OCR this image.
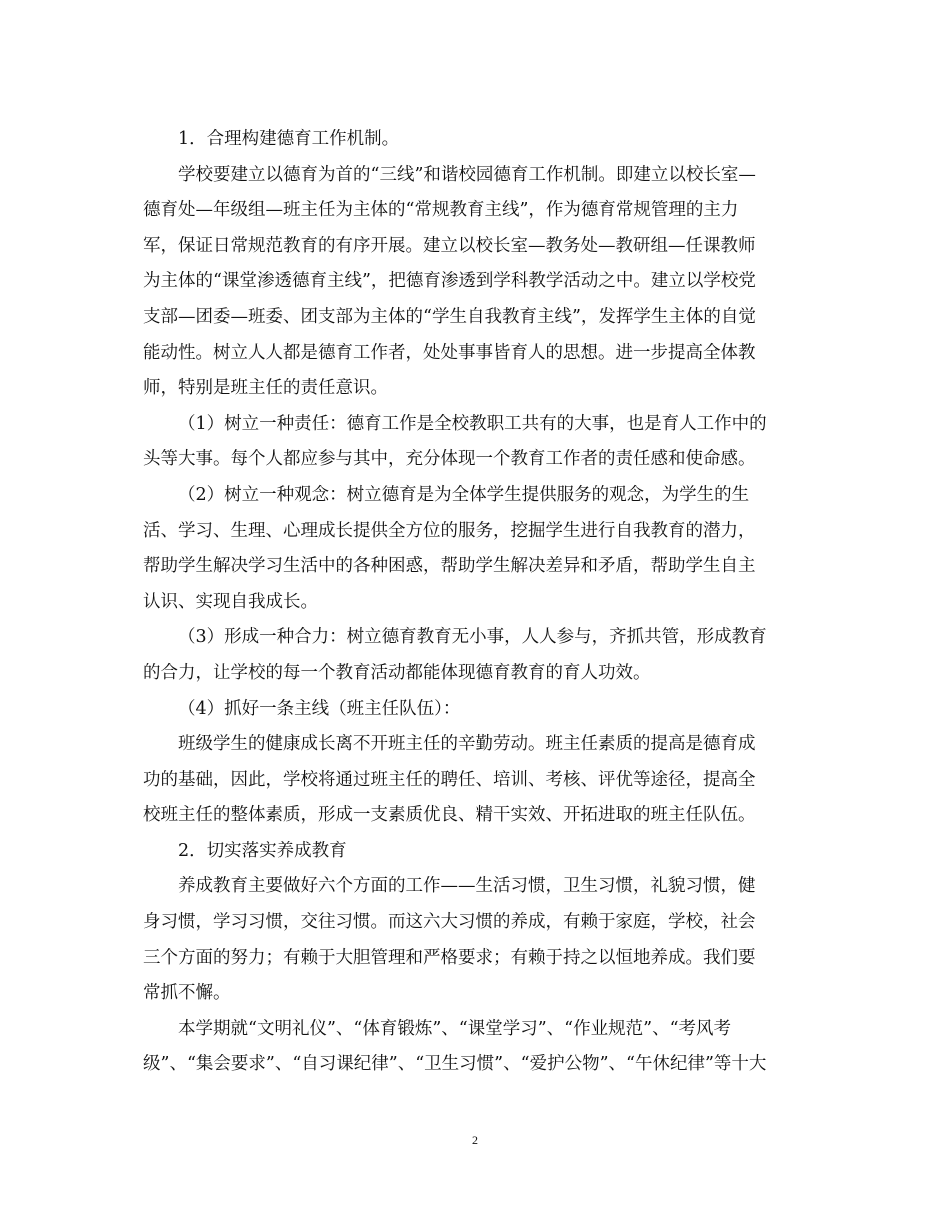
1．合理构建德育工作机制。

学校要建立以德育为首的“三线”和谐校园德育工作机制。即建立以校长室—
德育处—年级组—班主任为主体的“常规教育主线”，作为德育常规管理的主力
军，保证日常规范教育的有序开展。建立以校长室—教务处—教研组—任课教师
为主体的“课堂渗透德育主线”，把德育渗透到学科教学活动之中。建立以学校党
支部—团委—班委、团支部为主体的“学生自我教育主线”，发挥学生主体的自觉
能动性。树立人人都是德育工作者，处处事事皆育人的思想。进一步提高全体教
师，特别是班主任的责任意识。

（1）树立一种责任：德育工作是全校教职工共有的大事，也是育人工作中的
头等大事。每个人都应参与其中，充分体现一个教育工作者的责任感和使命感。

（2）树立一种观念：树立德育是为全体学生提供服务的观念，为学生的生
活、学习、生理、心理成长提供全方位的服务，挖掘学生进行自我教育的潜力，
帮助学生解决学习生活中的各种困惑，帮助学生解决差异和矛盾，帮助学生自主
认识、实现自我成长。

（3）形成一种合力：树立德育教育无小事，人人参与，齐抓共管，形成教育
的合力，让学校的每一个教育活动都能体现德育教育的育人功效。

（4）抓好一条主线（班主任队伍）：

班级学生的健康成长离不开班主任的辛勤劳动。班主任素质的提高是德育成
功的基础，因此，学校将通过班主任的聘任、培训、考核、评优等途径，提高全
校班主任的整体素质，形成一支素质优良、精干实效、开拓进取的班主任队伍。

2．切实落实养成教育

养成教育主要做好六个方面的工作——生活习惯，卫生习惯，礼貌习惯，健
身习惯，学习习惯，交往习惯。而这六大习惯的养成，有赖于家庭，学校，社会
三个方面的努力；有赖于大胆管理和严格要求；有赖于持之以恒地养成。我们要
常抓不懈。

本学期就“文明礼仪”、“体育锻炼”、“课堂学习”、“作业规范”、“考风考
级”、“集会要求”、“自习课纪律”、“卫生习惯”、“爱护公物”、“午休纪律”等十大

2
